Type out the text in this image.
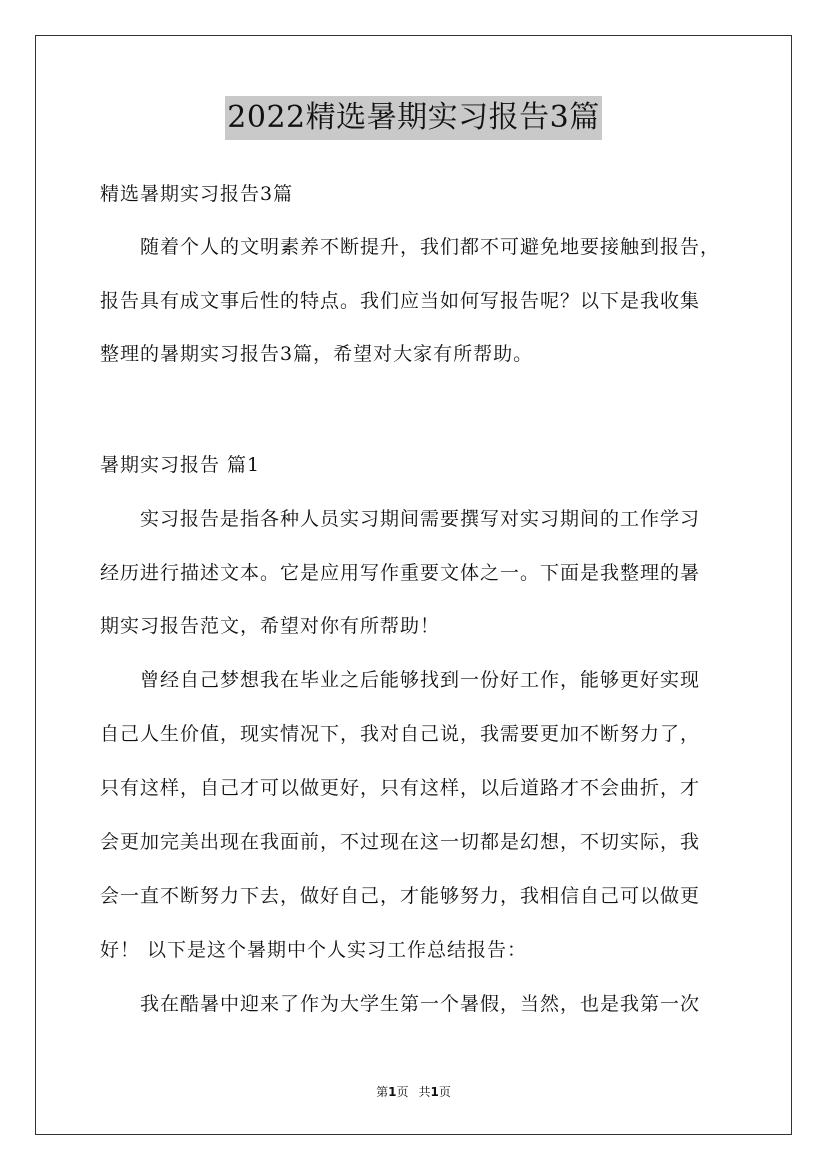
2022精选暑期实习报告3篇
精选暑期实习报告3篇
　　随着个人的文明素养不断提升，我们都不可避免地要接触到报告，
报告具有成文事后性的特点。我们应当如何写报告呢？以下是我收集
整理的暑期实习报告3篇，希望对大家有所帮助。
暑期实习报告 篇1
　　实习报告是指各种人员实习期间需要撰写对实习期间的工作学习
经历进行描述文本。它是应用写作重要文体之一。下面是我整理的暑
期实习报告范文，希望对你有所帮助！
　　曾经自己梦想我在毕业之后能够找到一份好工作，能够更好实现
自己人生价值，现实情况下，我对自己说，我需要更加不断努力了，
只有这样，自己才可以做更好，只有这样，以后道路才不会曲折，才
会更加完美出现在我面前，不过现在这一切都是幻想，不切实际，我
会一直不断努力下去，做好自己，才能够努力，我相信自己可以做更
好！ 以下是这个暑期中个人实习工作总结报告：
　　我在酷暑中迎来了作为大学生第一个暑假，当然，也是我第一次
第1页 共1页
